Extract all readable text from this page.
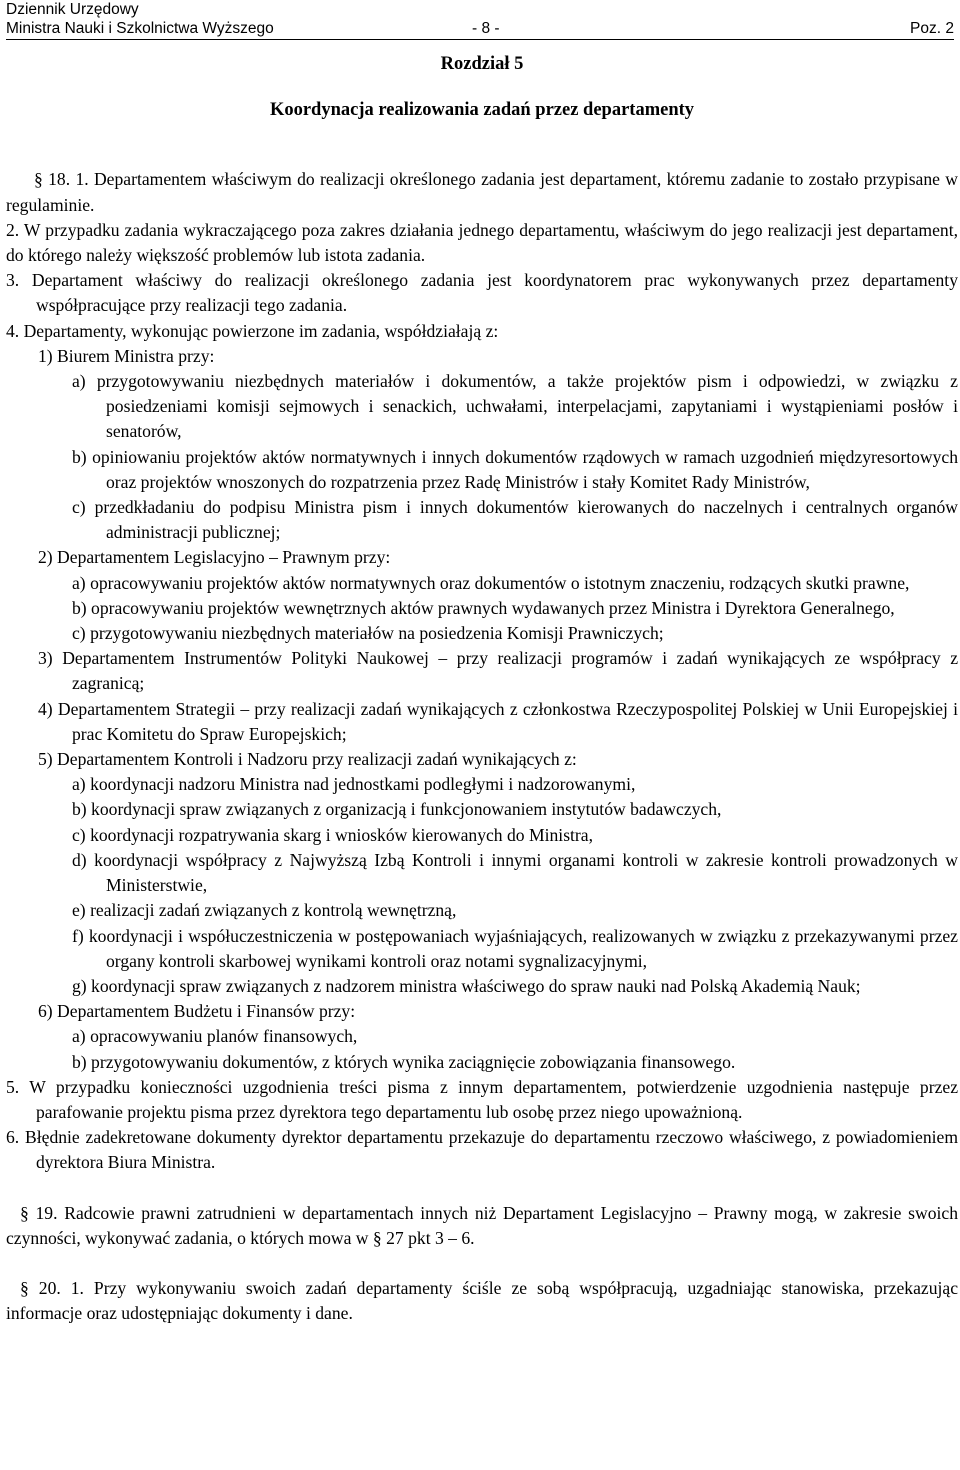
Dziennik Urzędowy
Ministra Nauki i Szkolnictwa Wyższego	- 8 -	Poz. 2

Rozdział 5

Koordynacja realizowania zadań przez departamenty

§ 18. 1. Departamentem właściwym do realizacji określonego zadania jest departament, któremu zadanie to zostało przypisane w regulaminie.

2. W przypadku zadania wykraczającego poza zakres działania jednego departamentu, właściwym do jego realizacji jest departament, do którego należy większość problemów lub istota zadania.

3. Departament właściwy do realizacji określonego zadania jest koordynatorem prac wykonywanych przez departamenty współpracujące przy realizacji tego zadania.

4. Departamenty, wykonując powierzone im zadania, współdziałają z:

1) Biurem Ministra przy:

a) przygotowywaniu niezbędnych materiałów i dokumentów, a także projektów pism i odpowiedzi, w związku z posiedzeniami komisji sejmowych i senackich, uchwałami, interpelacjami, zapytaniami i wystąpieniami posłów i senatorów,

b) opiniowaniu projektów aktów normatywnych i innych dokumentów rządowych w ramach uzgodnień międzyresortowych oraz projektów wnoszonych do rozpatrzenia przez Radę Ministrów i stały Komitet Rady Ministrów,

c) przedkładaniu do podpisu Ministra pism i innych dokumentów kierowanych do naczelnych i centralnych organów administracji publicznej;

2) Departamentem Legislacyjno – Prawnym przy:

a) opracowywaniu projektów aktów normatywnych oraz dokumentów o istotnym znaczeniu, rodzących skutki prawne,

b) opracowywaniu projektów wewnętrznych aktów prawnych wydawanych przez Ministra i Dyrektora Generalnego,

c) przygotowywaniu niezbędnych materiałów na posiedzenia Komisji Prawniczych;

3) Departamentem Instrumentów Polityki Naukowej – przy realizacji programów i zadań wynikających ze współpracy z zagranicą;

4) Departamentem Strategii – przy realizacji zadań wynikających z członkostwa Rzeczypospolitej Polskiej w Unii Europejskiej i prac Komitetu do Spraw Europejskich;

5) Departamentem Kontroli i Nadzoru przy realizacji zadań wynikających z:

a) koordynacji nadzoru Ministra nad jednostkami podległymi i nadzorowanymi,

b) koordynacji spraw związanych z organizacją i funkcjonowaniem instytutów badawczych,

c) koordynacji rozpatrywania skarg i wniosków kierowanych do Ministra,

d) koordynacji współpracy z Najwyższą Izbą Kontroli i innymi organami kontroli w zakresie kontroli prowadzonych w Ministerstwie,

e) realizacji zadań związanych z kontrolą wewnętrzną,

f) koordynacji i współuczestniczenia w postępowaniach wyjaśniających, realizowanych w związku z przekazywanymi przez organy kontroli skarbowej wynikami kontroli oraz notami sygnalizacyjnymi,

g) koordynacji spraw związanych z nadzorem ministra właściwego do spraw nauki nad Polską Akademią Nauk;

6) Departamentem Budżetu i Finansów przy:

a) opracowywaniu planów finansowych,

b) przygotowywaniu dokumentów, z których wynika zaciągnięcie zobowiązania finansowego.

5. W przypadku konieczności uzgodnienia treści pisma z innym departamentem, potwierdzenie uzgodnienia następuje przez parafowanie projektu pisma przez dyrektora tego departamentu lub osobę przez niego upoważnioną.

6. Błędnie zadekretowane dokumenty dyrektor departamentu przekazuje do departamentu rzeczowo właściwego, z powiadomieniem dyrektora Biura Ministra.

§ 19. Radcowie prawni zatrudnieni w departamentach innych niż Departament Legislacyjno – Prawny mogą, w zakresie swoich czynności, wykonywać zadania, o których mowa w § 27 pkt 3 – 6.

§ 20. 1. Przy wykonywaniu swoich zadań departamenty ściśle ze sobą współpracują, uzgadniając stanowiska, przekazując informacje oraz udostępniając dokumenty i dane.
